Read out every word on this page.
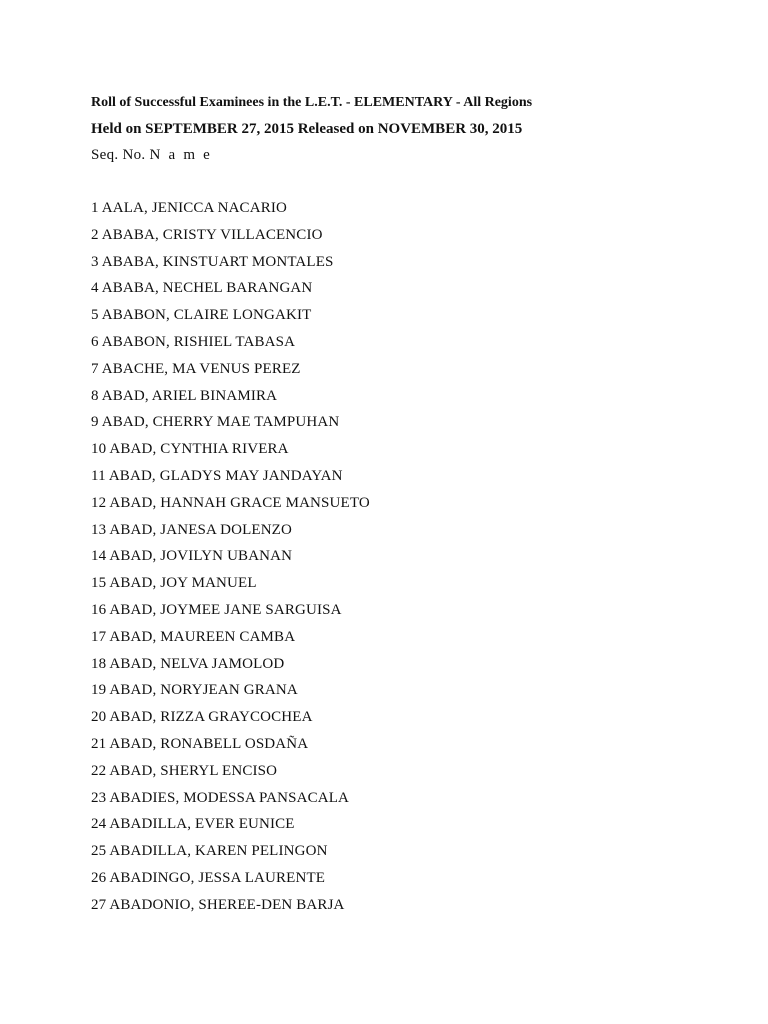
Roll of Successful Examinees in the L.E.T. - ELEMENTARY - All Regions
Held on SEPTEMBER 27, 2015 Released on NOVEMBER 30, 2015
Seq. No. N a m e
1 AALA, JENICCA NACARIO
2 ABABA, CRISTY VILLACENCIO
3 ABABA, KINSTUART MONTALES
4 ABABA, NECHEL BARANGAN
5 ABABON, CLAIRE LONGAKIT
6 ABABON, RISHIEL TABASA
7 ABACHE, MA VENUS PEREZ
8 ABAD, ARIEL BINAMIRA
9 ABAD, CHERRY MAE TAMPUHAN
10 ABAD, CYNTHIA RIVERA
11 ABAD, GLADYS MAY JANDAYAN
12 ABAD, HANNAH GRACE MANSUETO
13 ABAD, JANESA DOLENZO
14 ABAD, JOVILYN UBANAN
15 ABAD, JOY MANUEL
16 ABAD, JOYMEE JANE SARGUISA
17 ABAD, MAUREEN CAMBA
18 ABAD, NELVA JAMOLOD
19 ABAD, NORYJEAN GRANA
20 ABAD, RIZZA GRAYCOCHEA
21 ABAD, RONABELL OSDAÑA
22 ABAD, SHERYL ENCISO
23 ABADIES, MODESSA PANSACALA
24 ABADILLA, EVER EUNICE
25 ABADILLA, KAREN PELINGON
26 ABADINGO, JESSA LAURENTE
27 ABADONIO, SHEREE-DEN BARJA
